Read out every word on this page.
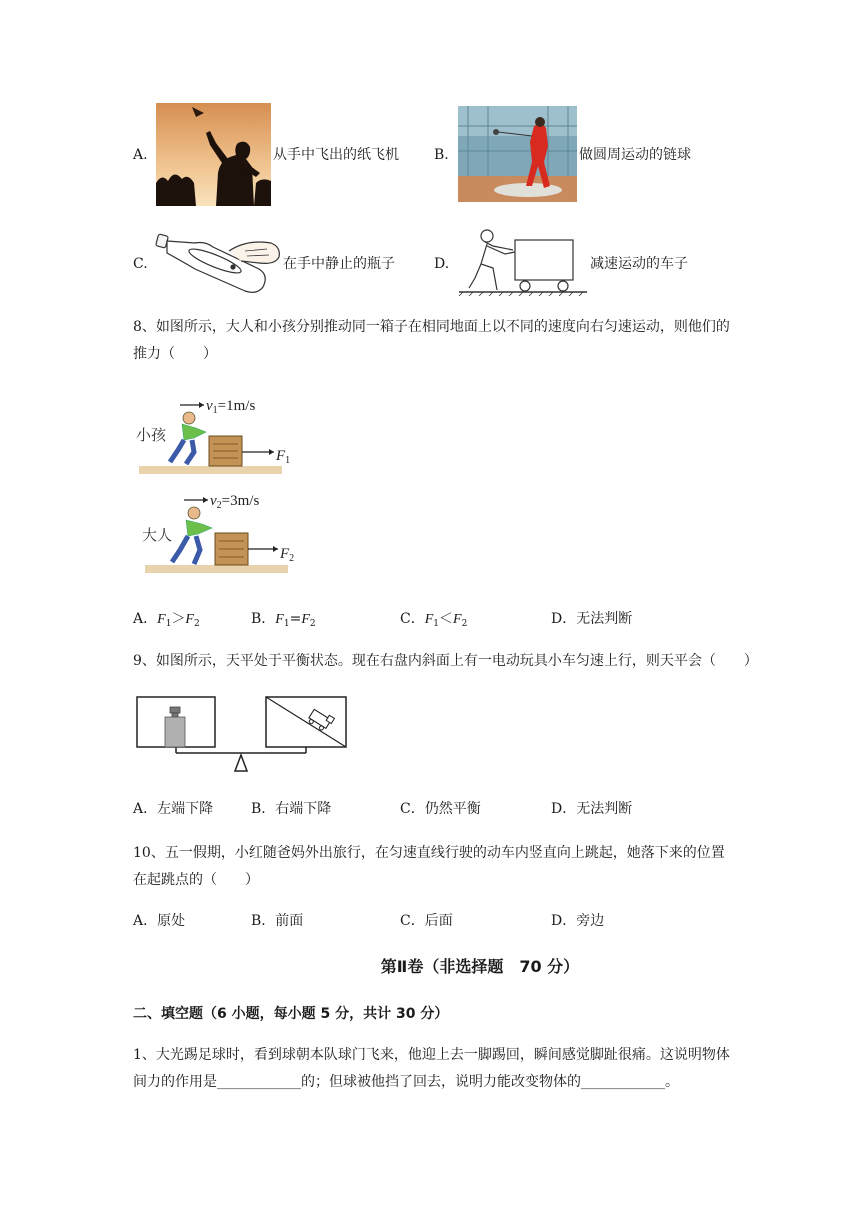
A.	从手中飞出的纸飞机	B.	做圆周运动的链球
C.	在手中静止的瓶子	D.	减速运动的车子
8、如图所示，大人和小孩分别推动同一箱子在相同地面上以不同的速度向右匀速运动，则他们的
推力（　　）
$v_1=1m/s$
小孩
$F_1$
$v_2=3m/s$
大人
$F_2$
A．$F_1>F_2$	B．$F_1=F_2$	C．$F_1<F_2$	D．无法判断
9、如图所示，天平处于平衡状态。现在右盘内斜面上有一电动玩具小车匀速上行，则天平会（　　）
A．左端下降	B．右端下降	C．仍然平衡	D．无法判断
10、五一假期，小红随爸妈外出旅行，在匀速直线行驶的动车内竖直向上跳起，她落下来的位置
在起跳点的（　　）
A．原处	B．前面	C．后面	D．旁边
第Ⅱ卷（非选择题　70 分）
二、填空题（6 小题，每小题 5 分，共计 30 分）
1、大光踢足球时，看到球朝本队球门飞来，他迎上去一脚踢回，瞬间感觉脚趾很痛。这说明物体
间力的作用是____________的；但球被他挡了回去，说明力能改变物体的____________。
